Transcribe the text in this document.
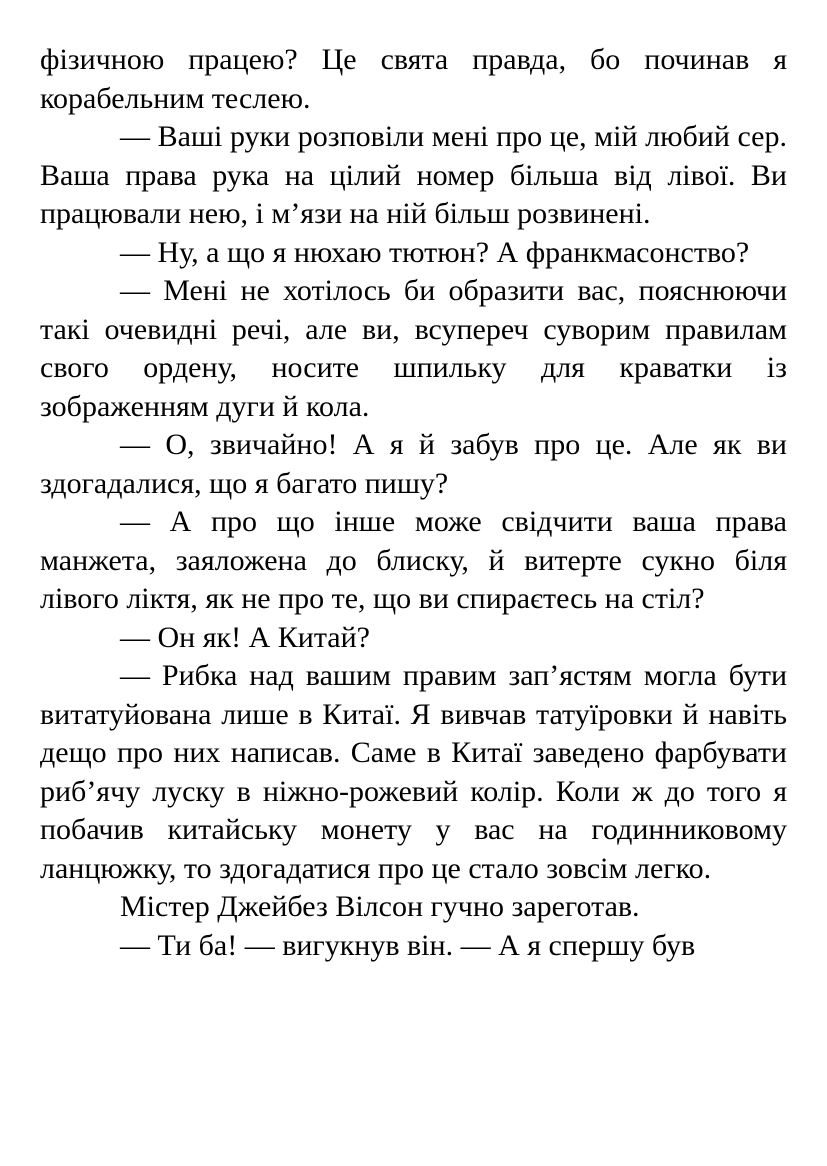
фізичною працею? Це свята правда, бо починав я корабельним теслею.

— Ваші руки розповіли мені про це, мій любий сер. Ваша права рука на цілий номер більша від лівої. Ви працювали нею, і м’язи на ній більш розвинені.

— Ну, а що я нюхаю тютюн? А франкмасонство?

— Мені не хотілось би образити вас, пояснюючи такі очевидні речі, але ви, всупереч суворим правилам свого ордену, носите шпильку для краватки із зображенням дуги й кола.

— О, звичайно! А я й забув про це. Але як ви здогадалися, що я багато пишу?

— А про що інше може свідчити ваша права манжета, заяложена до блиску, й витерте сукно біля лівого ліктя, як не про те, що ви спираєтесь на стіл?

— Он як! А Китай?

— Рибка над вашим правим зап’ястям могла бути витатуйована лише в Китаї. Я вивчав татуїровки й навіть дещо про них написав. Саме в Китаї заведено фарбувати риб’ячу луску в ніжно-рожевий колір. Коли ж до того я побачив китайську монету у вас на годинниковому ланцюжку, то здогадатися про це стало зовсім легко.

Містер Джейбез Вілсон гучно зареготав.

— Ти ба! — вигукнув він. — А я спершу був
